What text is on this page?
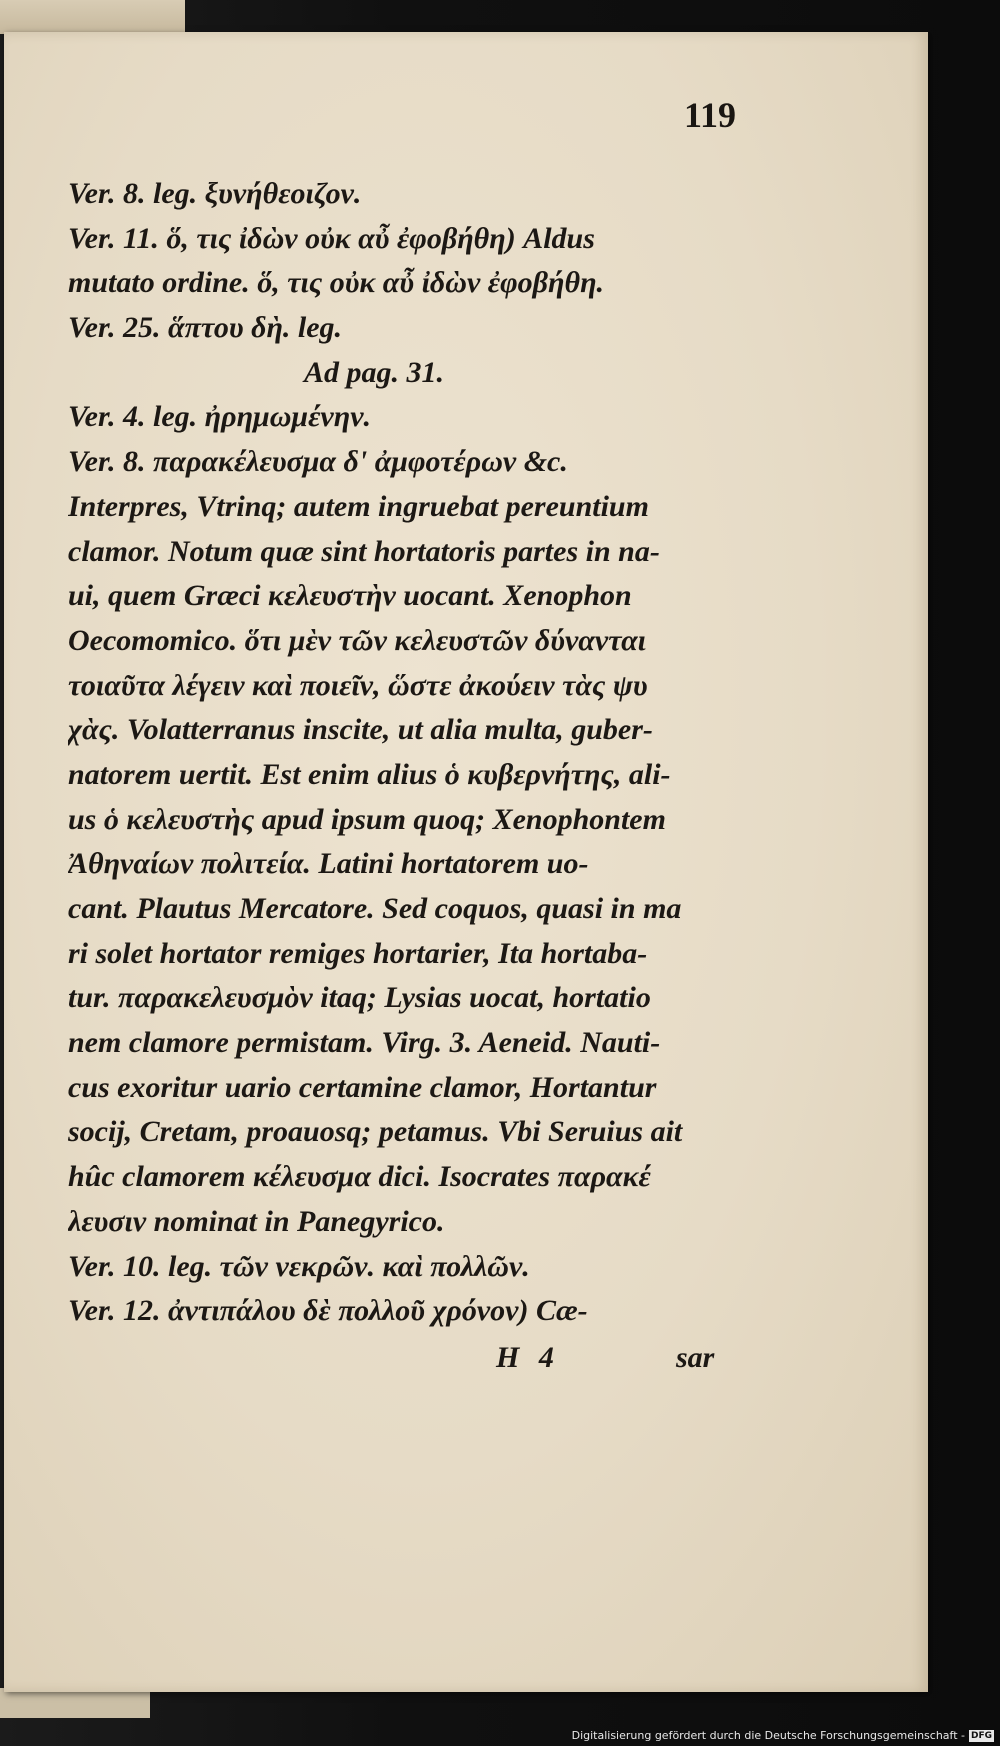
119
Ver. 8. leg. ξυνήθεοιζον.
Ver. 11. ὅ, τις ἰδὼν οὐκ αὖ ἐφοβήθη) Aldus
mutato ordine. ὅ, τις οὐκ αὖ ἰδὼν ἐφοβήθη.
Ver. 25. ἅπτου δὴ. leg.
Ad pag. 31.
Ver. 4. leg. ἠρημωμένην.
Ver. 8. παρακέλευσμα δ' ἀμφοτέρων &c.
Interpres, Vtrinq; autem ingruebat pereuntium
clamor. Notum quæ sint hortatoris partes in na-
ui, quem Græci κελευστὴν uocant. Xenophon
Oecomomico. ὅτι μὲν τῶν κελευστῶν δύνανται
τοιαῦτα λέγειν καὶ ποιεῖν, ὥστε ἀκούειν τὰς ψυ
χὰς. Volatterranus inscite, ut alia multa, guber-
natorem uertit. Est enim alius ὁ κυβερνήτης, ali-
us ὁ κελευστὴς apud ipsum quoq; Xenophontem
Ἀθηναίων πολιτεία. Latini hortatorem uo-
cant. Plautus Mercatore. Sed coquos, quasi in ma
ri solet hortator remiges hortarier, Ita hortaba-
tur. παρακελευσμὸν itaq; Lysias uocat, hortatio
nem clamore permistam. Virg. 3. Aeneid. Nauti-
cus exoritur uario certamine clamor, Hortantur
socij, Cretam, proauosq; petamus. Vbi Seruius ait
hûc clamorem κέλευσμα dici. Isocrates παρακέ
λευσιν nominat in Panegyrico.
Ver. 10. leg. τῶν νεκρῶν. καὶ πολλῶν.
Ver. 12. ἀντιπάλου δὲ πολλοῦ χρόνον) Cæ-
H 4	sar
Digitalisierung gefördert durch die Deutsche Forschungsgemeinschaft - DFG
